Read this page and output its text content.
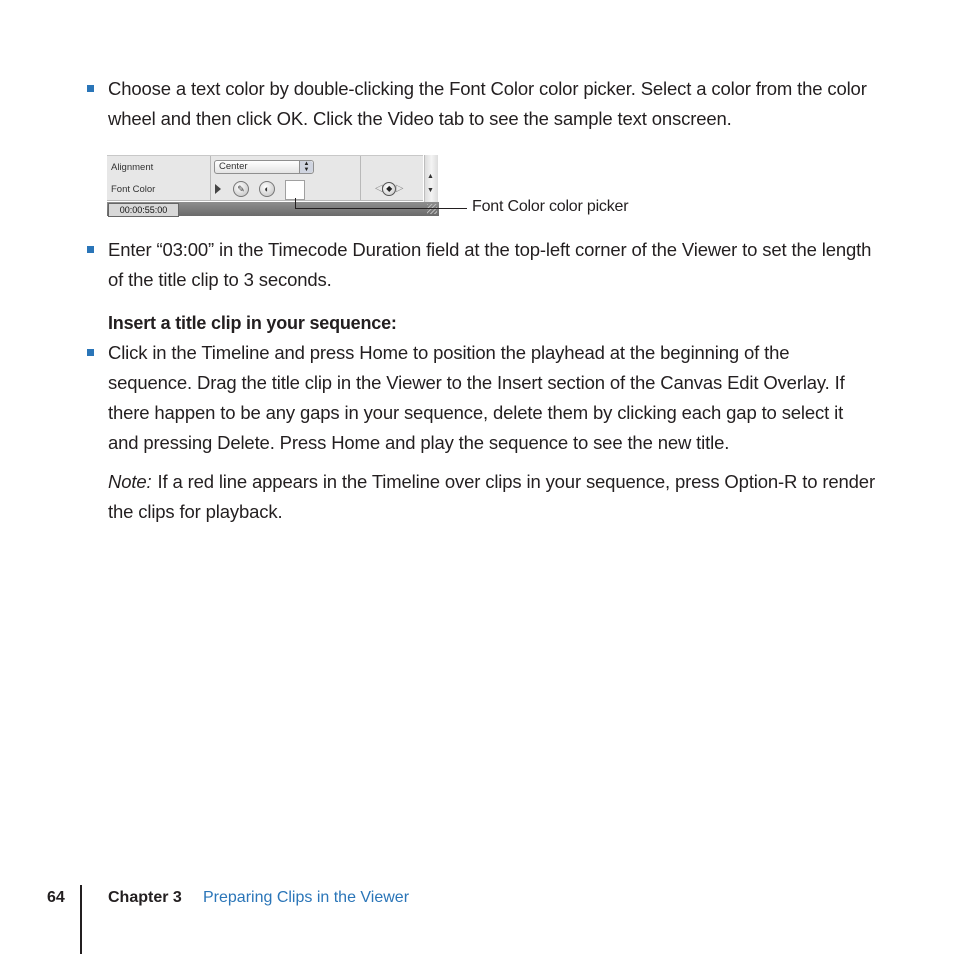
Choose a text color by double-clicking the Font Color color picker. Select a color from the color wheel and then click OK. Click the Video tab to see the sample text onscreen.
Alignment	Center	▲
▼
Font Color	✎	◐	◁ ◆ ▷
▲
▼
00:00:55:00	Font Color color picker
Enter “03:00” in the Timecode Duration field at the top-left corner of the Viewer to set the length of the title clip to 3 seconds.
Insert a title clip in your sequence:
Click in the Timeline and press Home to position the playhead at the beginning of the sequence. Drag the title clip in the Viewer to the Insert section of the Canvas Edit Overlay. If there happen to be any gaps in your sequence, delete them by clicking each gap to select it and pressing Delete. Press Home and play the sequence to see the new title.
Note: If a red line appears in the Timeline over clips in your sequence, press Option-R to render the clips for playback.
64	Chapter 3 Preparing Clips in the Viewer
